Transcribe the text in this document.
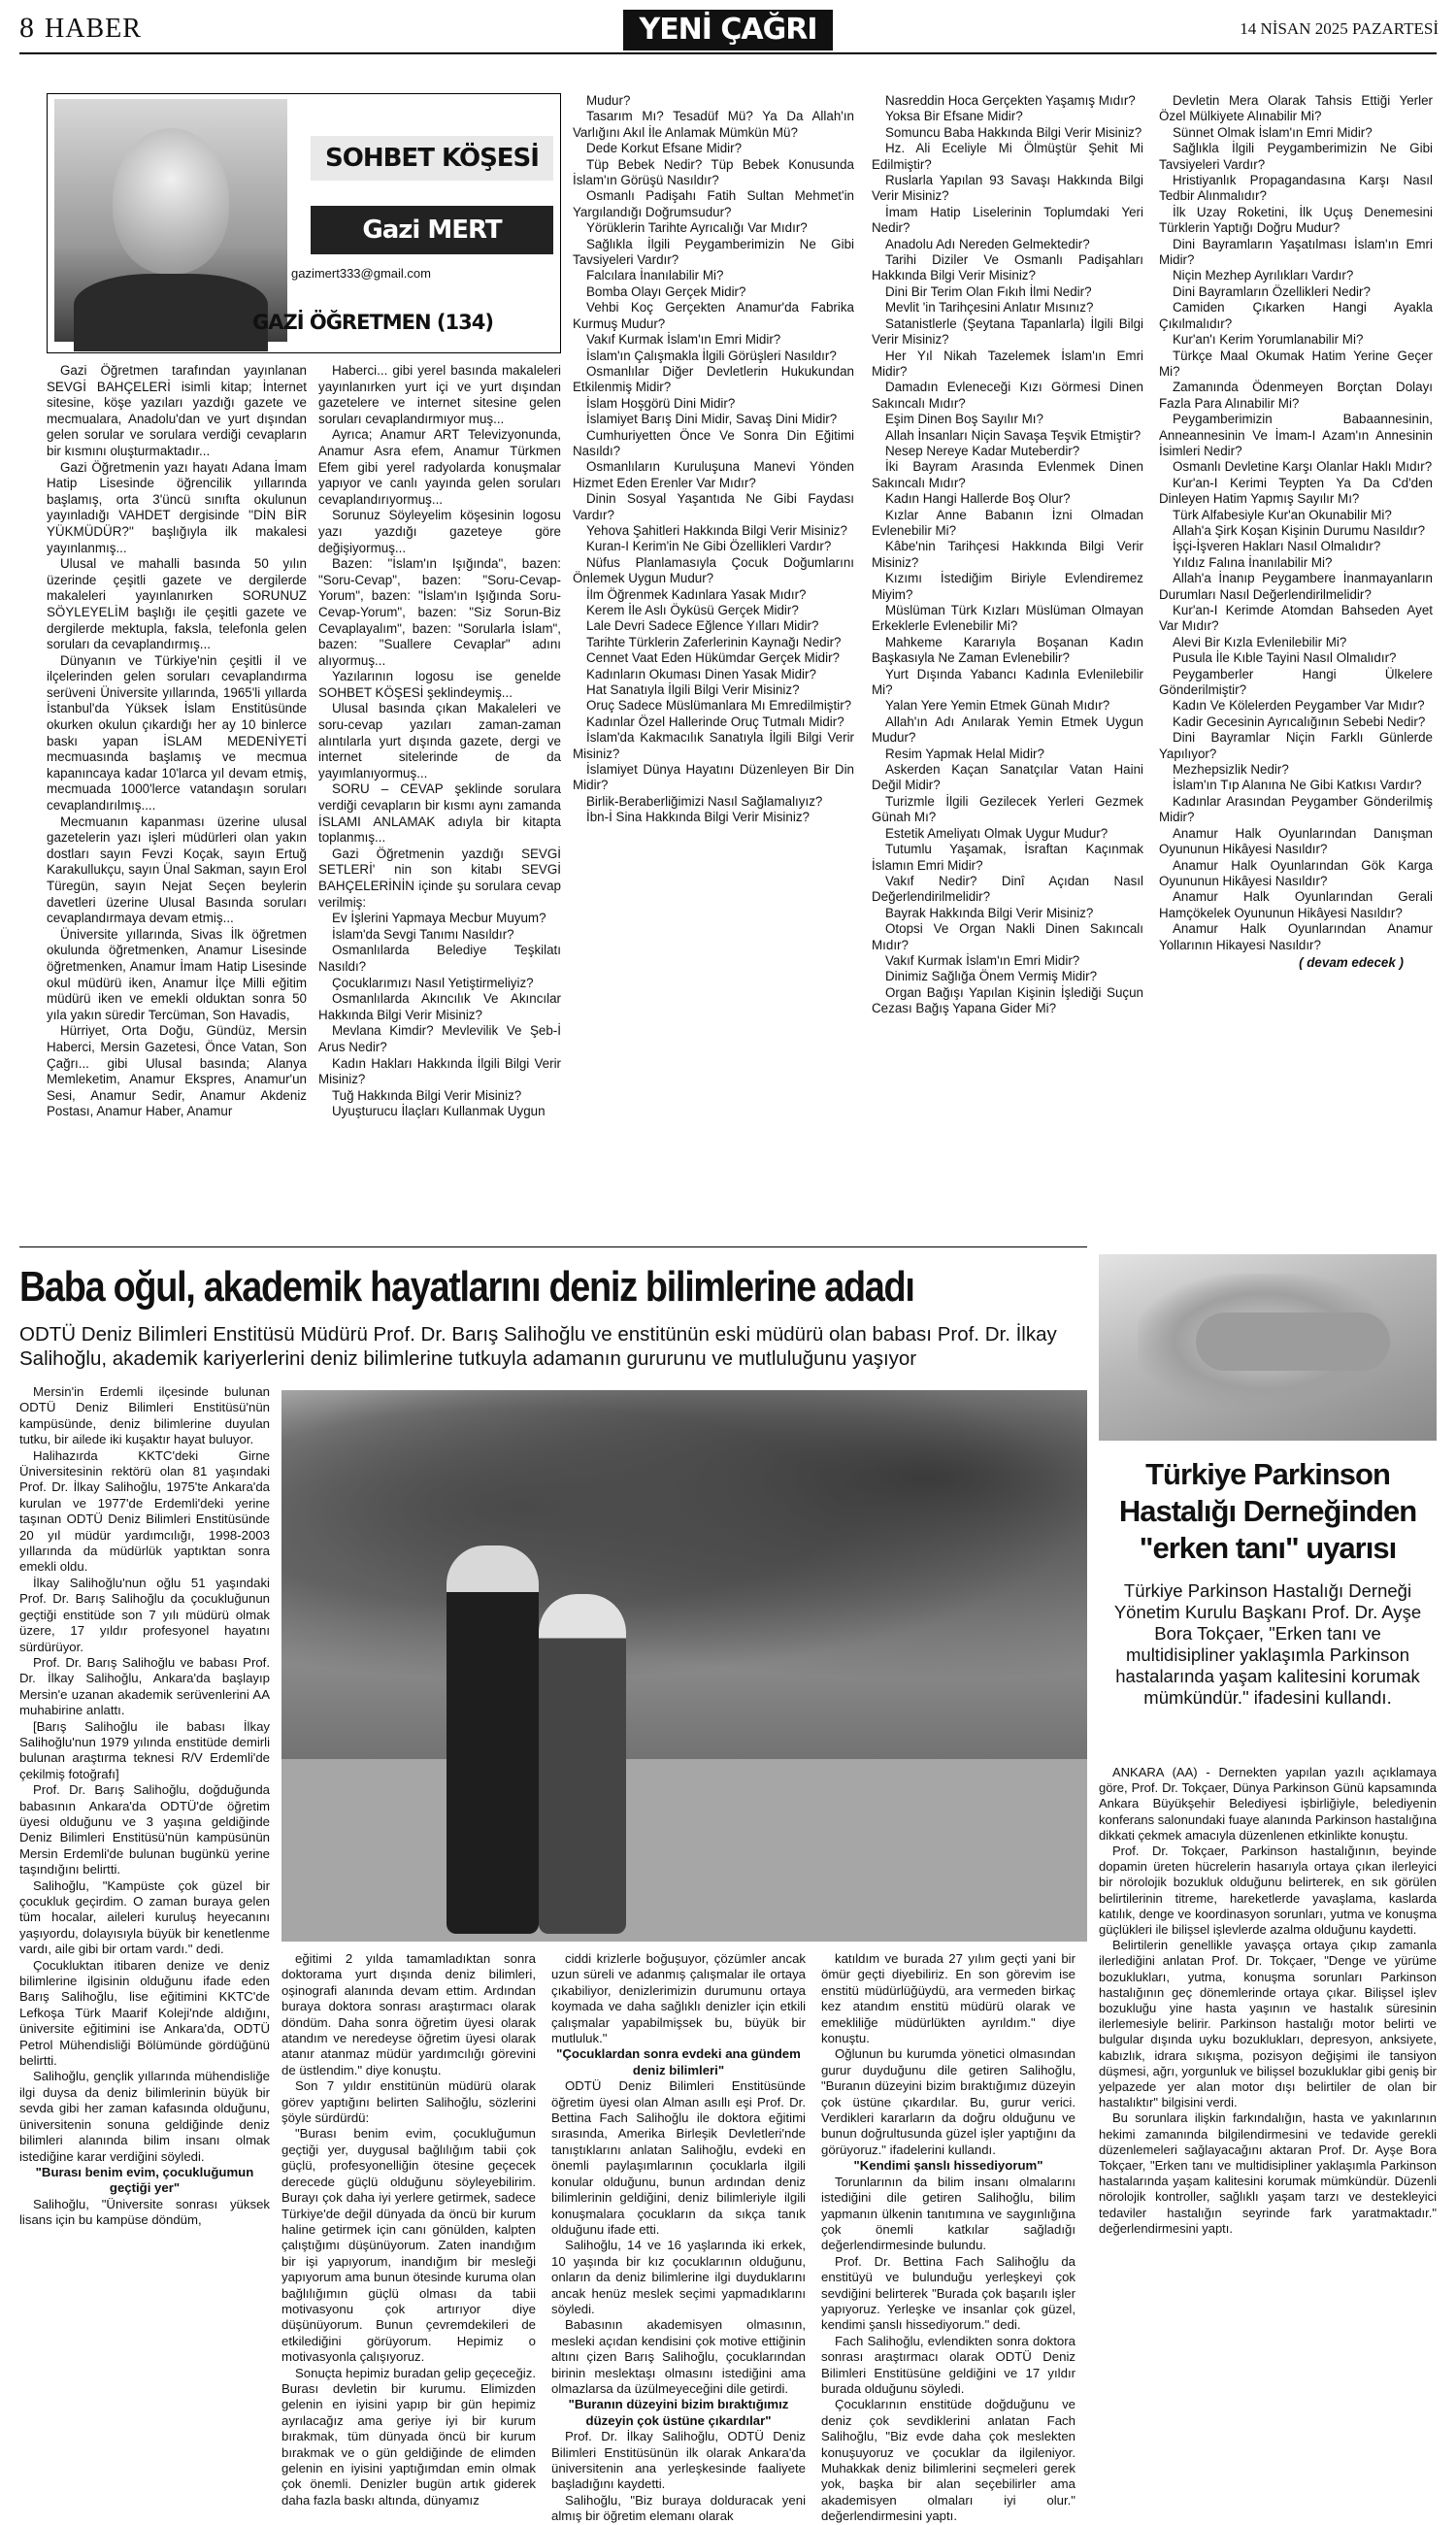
8 HABER	YENİ ÇAĞRI	14 NİSAN 2025 PAZARTESİ
SOHBET KÖŞESİ
Gazi MERT
gazimert333@gmail.com
GAZİ ÖĞRETMEN (134)

Gazi Öğretmen tarafından yayınlanan SEVGİ BAHÇELERİ isimli kitap; İnternet sitesine, köşe yazıları yazdığı gazete ve mecmualara, Anadolu'dan ve yurt dışından gelen sorular ve sorulara verdiği cevapların bir kısmını oluşturmaktadır...

Gazi Öğretmenin yazı hayatı Adana İmam Hatip Lisesinde öğrencilik yıllarında başlamış, orta 3'üncü sınıfta okulunun yayınladığı VAHDET dergisinde ''DİN BİR YÜKMÜDÜR?'' başlığıyla ilk makalesi yayınlanmış...

Ulusal ve mahalli basında 50 yılın üzerinde çeşitli gazete ve dergilerde makaleleri yayınlanırken SORUNUZ SÖYLEYELİM başlığı ile çeşitli gazete ve dergilerde mektupla, faksla, telefonla gelen soruları da cevaplandırmış...

Dünyanın ve Türkiye'nin çeşitli il ve ilçelerinden gelen soruları cevaplandırma serüveni Üniversite yıllarında, 1965'li yıllarda İstanbul'da Yüksek İslam Enstitüsünde okurken okulun çıkardığı her ay 10 binlerce baskı yapan İSLAM MEDENİYETİ mecmuasında başlamış ve mecmua kapanıncaya kadar 10'larca yıl devam etmiş, mecmuada 1000'lerce vatandaşın soruları cevaplandırılmış....

Mecmuanın kapanması üzerine ulusal gazetelerin yazı işleri müdürleri olan yakın dostları sayın Fevzi Koçak, sayın Ertuğ Karakullukçu, sayın Ünal Sakman, sayın Erol Türegün, sayın Nejat Seçen beylerin davetleri üzerine Ulusal Basında soruları cevaplandırmaya devam etmiş...

Üniversite yıllarında, Sivas İlk öğretmen okulunda öğretmenken, Anamur Lisesinde öğretmenken, Anamur İmam Hatip Lisesinde okul müdürü iken, Anamur İlçe Milli eğitim müdürü iken ve emekli olduktan sonra 50 yıla yakın süredir Tercüman, Son Havadis,

Hürriyet, Orta Doğu, Gündüz, Mersin Haberci, Mersin Gazetesi, Önce Vatan, Son Çağrı... gibi Ulusal basında; Alanya Memleketim, Anamur Ekspres, Anamur'un Sesi, Anamur Sedir, Anamur Akdeniz Postası, Anamur Haber, Anamur

Haberci... gibi yerel basında makaleleri yayınlanırken yurt içi ve yurt dışından gazetelere ve internet sitesine gelen soruları cevaplandırmıyor muş...

Ayrıca; Anamur ART Televizyonunda, Anamur Asra efem, Anamur Türkmen Efem gibi yerel radyolarda konuşmalar yapıyor ve canlı yayında gelen soruları cevaplandırıyormuş...

Sorunuz Söyleyelim köşesinin logosu yazı yazdığı gazeteye göre değişiyormuş...

Bazen: "İslam'ın Işığında", bazen: "Soru-Cevap", bazen: "Soru-Cevap-Yorum", bazen: "İslam'ın Işığında Soru-Cevap-Yorum", bazen: "Siz Sorun-Biz Cevaplayalım", bazen: "Sorularla İslam", bazen: "Suallere Cevaplar" adını alıyormuş...

Yazılarının logosu ise genelde SOHBET KÖŞESİ şeklindeymiş...

Ulusal basında çıkan Makaleleri ve soru-cevap yazıları zaman-zaman alıntılarla yurt dışında gazete, dergi ve internet sitelerinde de da yayımlanıyormuş...

SORU – CEVAP şeklinde sorulara verdiği cevapların bir kısmı aynı zamanda İSLAMI ANLAMAK adıyla bir kitapta toplanmış...

Gazi Öğretmenin yazdığı SEVGİ SETLERİ' nin son kitabı SEVGİ BAHÇELERİNİN içinde şu sorulara cevap verilmiş:

Ev İşlerini Yapmaya Mecbur Muyum?

İslam'da Sevgi Tanımı Nasıldır?

Osmanlılarda Belediye Teşkilatı Nasıldı?

Çocuklarımızı Nasıl Yetiştirmeliyiz?

Osmanlılarda Akıncılık Ve Akıncılar Hakkında Bilgi Verir Misiniz?

Mevlana Kimdir? Mevlevilik Ve Şeb-İ Arus Nedir?

Kadın Hakları Hakkında İlgili Bilgi Verir Misiniz?

Tuğ Hakkında Bilgi Verir Misiniz?

Uyuşturucu İlaçları Kullanmak Uygun

Mudur?

Tasarım Mı? Tesadüf Mü? Ya Da Allah'ın Varlığını Akıl İle Anlamak Mümkün Mü?

Dede Korkut Efsane Midir?

Tüp Bebek Nedir? Tüp Bebek Konusunda İslam'ın Görüşü Nasıldır?

Osmanlı Padişahı Fatih Sultan Mehmet'in Yargılandığı Doğrumsudur?

Yörüklerin Tarihte Ayrıcalığı Var Mıdır?

Sağlıkla İlgili Peygamberimizin Ne Gibi Tavsiyeleri Vardır?

Falcılara İnanılabilir Mi?

Bomba Olayı Gerçek Midir?

Vehbi Koç Gerçekten Anamur'da Fabrika Kurmuş Mudur?

Vakıf Kurmak İslam'ın Emri Midir?

İslam'ın Çalışmakla İlgili Görüşleri Nasıldır?

Osmanlılar Diğer Devletlerin Hukukundan Etkilenmiş Midir?

İslam Hoşgörü Dini Midir?

İslamiyet Barış Dini Midir, Savaş Dini Midir?

Cumhuriyetten Önce Ve Sonra Din Eğitimi Nasıldı?

Osmanlıların Kuruluşuna Manevi Yönden Hizmet Eden Erenler Var Mıdır?

Dinin Sosyal Yaşantıda Ne Gibi Faydası Vardır?

Yehova Şahitleri Hakkında Bilgi Verir Misiniz?

Kuran-I Kerim'in Ne Gibi Özellikleri Vardır?

Nüfus Planlamasıyla Çocuk Doğumlarını Önlemek Uygun Mudur?

İlm Öğrenmek Kadınlara Yasak Mıdır?

Kerem İle Aslı Öyküsü Gerçek Midir?

Lale Devri Sadece Eğlence Yılları Midir?

Tarihte Türklerin Zaferlerinin Kaynağı Nedir?

Cennet Vaat Eden Hükümdar Gerçek Midir?

Kadınların Okuması Dinen Yasak Midir?

Hat Sanatıyla İlgili Bilgi Verir Misiniz?

Oruç Sadece Müslümanlara Mı Emredilmiştir?

Kadınlar Özel Hallerinde Oruç Tutmalı Midir?

İslam'da Kakmacılık Sanatıyla İlgili Bilgi Verir Misiniz?

İslamiyet Dünya Hayatını Düzenleyen Bir Din Midir?

Birlik-Beraberliğimizi Nasıl Sağlamalıyız?

İbn-İ Sina Hakkında Bilgi Verir Misiniz?

Nasreddin Hoca Gerçekten Yaşamış Mıdır?

Yoksa Bir Efsane Midir?

Somuncu Baba Hakkında Bilgi Verir Misiniz?

Hz. Ali Eceliyle Mi Ölmüştür Şehit Mi Edilmiştir?

Ruslarla Yapılan 93 Savaşı Hakkında Bilgi Verir Misiniz?

İmam Hatip Liselerinin Toplumdaki Yeri Nedir?

Anadolu Adı Nereden Gelmektedir?

Tarihi Diziler Ve Osmanlı Padişahları Hakkında Bilgi Verir Misiniz?

Dini Bir Terim Olan Fıkıh İlmi Nedir?

Mevlit 'in Tarihçesini Anlatır Mısınız?

Satanistlerle (Şeytana Tapanlarla) İlgili Bilgi Verir Misiniz?

Her Yıl Nikah Tazelemek İslam'ın Emri Midir?

Damadın Evleneceği Kızı Görmesi Dinen Sakıncalı Mıdır?

Eşim Dinen Boş Sayılır Mı?

Allah İnsanları Niçin Savaşa Teşvik Etmiştir?

Nesep Nereye Kadar Muteberdir?

İki Bayram Arasında Evlenmek Dinen Sakıncalı Mıdır?

Kadın Hangi Hallerde Boş Olur?

Kızlar Anne Babanın İzni Olmadan Evlenebilir Mi?

Kâbe'nin Tarihçesi Hakkında Bilgi Verir Misiniz?

Kızımı İstediğim Biriyle Evlendiremez Miyim?

Müslüman Türk Kızları Müslüman Olmayan Erkeklerle Evlenebilir Mi?

Mahkeme Kararıyla Boşanan Kadın Başkasıyla Ne Zaman Evlenebilir?

Yurt Dışında Yabancı Kadınla Evlenilebilir Mi?

Yalan Yere Yemin Etmek Günah Mıdır?

Allah'ın Adı Anılarak Yemin Etmek Uygun Mudur?

Resim Yapmak Helal Midir?

Askerden Kaçan Sanatçılar Vatan Haini Değil Midir?

Turizmle İlgili Gezilecek Yerleri Gezmek Günah Mı?

Estetik Ameliyatı Olmak Uygur Mudur?

Tutumlu Yaşamak, İsraftan Kaçınmak İslamın Emri Midir?

Vakıf Nedir? Dinî Açıdan Nasıl Değerlendirilmelidir?

Bayrak Hakkında Bilgi Verir Misiniz?

Otopsi Ve Organ Nakli Dinen Sakıncalı Mıdır?

Vakıf Kurmak İslam'ın Emri Midir?

Dinimiz Sağlığa Önem Vermiş Midir?

Organ Bağışı Yapılan Kişinin İşlediği Suçun Cezası Bağış Yapana Gider Mi?

Devletin Mera Olarak Tahsis Ettiği Yerler Özel Mülkiyete Alınabilir Mi?

Sünnet Olmak İslam'ın Emri Midir?

Sağlıkla İlgili Peygamberimizin Ne Gibi Tavsiyeleri Vardır?

Hristiyanlık Propagandasına Karşı Nasıl Tedbir Alınmalıdır?

İlk Uzay Roketini, İlk Uçuş Denemesini Türklerin Yaptığı Doğru Mudur?

Dini Bayramların Yaşatılması İslam'ın Emri Midir?

Niçin Mezhep Ayrılıkları Vardır?

Dini Bayramların Özellikleri Nedir?

Camiden Çıkarken Hangi Ayakla Çıkılmalıdır?

Kur'an'ı Kerim Yorumlanabilir Mi?

Türkçe Maal Okumak Hatim Yerine Geçer Mi?

Zamanında Ödenmeyen Borçtan Dolayı Fazla Para Alınabilir Mi?

Peygamberimizin Babaannesinin, Anneannesinin Ve İmam-I Azam'ın Annesinin İsimleri Nedir?

Osmanlı Devletine Karşı Olanlar Haklı Mıdır?

Kur'an-I Kerimi Teypten Ya Da Cd'den Dinleyen Hatim Yapmış Sayılır Mı?

Türk Alfabesiyle Kur'an Okunabilir Mi?

Allah'a Şirk Koşan Kişinin Durumu Nasıldır?

İşçi-İşveren Hakları Nasıl Olmalıdır?

Yıldız Falına İnanılabilir Mi?

Allah'a İnanıp Peygambere İnanmayanların Durumları Nasıl Değerlendirilmelidir?

Kur'an-I Kerimde Atomdan Bahseden Ayet Var Mıdır?

Alevi Bir Kızla Evlenilebilir Mi?

Pusula İle Kıble Tayini Nasıl Olmalıdır?

Peygamberler Hangi Ülkelere Gönderilmiştir?

Kadın Ve Kölelerden Peygamber Var Mıdır?

Kadir Gecesinin Ayrıcalığının Sebebi Nedir?

Dini Bayramlar Niçin Farklı Günlerde Yapılıyor?

Mezhepsizlik Nedir?

İslam'ın Tıp Alanına Ne Gibi Katkısı Vardır?

Kadınlar Arasından Peygamber Gönderilmiş Midir?

Anamur Halk Oyunlarından Danışman Oyununun Hikâyesi Nasıldır?

Anamur Halk Oyunlarından Gök Karga Oyununun Hikâyesi Nasıldır?

Anamur Halk Oyunlarından Gerali Hamçökelek Oyununun Hikâyesi Nasıldır?

Anamur Halk Oyunlarından Anamur Yollarının Hikayesi Nasıldır?

( devam edecek )
Baba oğul, akademik hayatlarını deniz bilimlerine adadı
ODTÜ Deniz Bilimleri Enstitüsü Müdürü Prof. Dr. Barış Salihoğlu ve enstitünün eski müdürü olan babası Prof. Dr. İlkay Salihoğlu, akademik kariyerlerini deniz bilimlerine tutkuyla adamanın gururunu ve mutluluğunu yaşıyor

Mersin'in Erdemli ilçesinde bulunan ODTÜ Deniz Bilimleri Enstitüsü'nün kampüsünde, deniz bilimlerine duyulan tutku, bir ailede iki kuşaktır hayat buluyor.

Halihazırda KKTC'deki Girne Üniversitesinin rektörü olan 81 yaşındaki Prof. Dr. İlkay Salihoğlu, 1975'te Ankara'da kurulan ve 1977'de Erdemli'deki yerine taşınan ODTÜ Deniz Bilimleri Enstitüsünde 20 yıl müdür yardımcılığı, 1998-2003 yıllarında da müdürlük yaptıktan sonra emekli oldu.

İlkay Salihoğlu'nun oğlu 51 yaşındaki Prof. Dr. Barış Salihoğlu da çocukluğunun geçtiği enstitüde son 7 yılı müdürü olmak üzere, 17 yıldır profesyonel hayatını sürdürüyor.

Prof. Dr. Barış Salihoğlu ve babası Prof. Dr. İlkay Salihoğlu, Ankara'da başlayıp Mersin'e uzanan akademik serüvenlerini AA muhabirine anlattı.

[Barış Salihoğlu ile babası İlkay Salihoğlu'nun 1979 yılında enstitüde demirli bulunan araştırma teknesi R/V Erdemli'de çekilmiş fotoğrafı]

Prof. Dr. Barış Salihoğlu, doğduğunda babasının Ankara'da ODTÜ'de öğretim üyesi olduğunu ve 3 yaşına geldiğinde Deniz Bilimleri Enstitüsü'nün kampüsünün Mersin Erdemli'de bulunan bugünkü yerine taşındığını belirtti.

Salihoğlu, "Kampüste çok güzel bir çocukluk geçirdim. O zaman buraya gelen tüm hocalar, aileleri kuruluş heyecanını yaşıyordu, dolayısıyla büyük bir kenetlenme vardı, aile gibi bir ortam vardı." dedi.

Çocukluktan itibaren denize ve deniz bilimlerine ilgisinin olduğunu ifade eden Barış Salihoğlu, lise eğitimini KKTC'de Lefkoşa Türk Maarif Koleji'nde aldığını, üniversite eğitimini ise Ankara'da, ODTÜ Petrol Mühendisliği Bölümünde gördüğünü belirtti.

Salihoğlu, gençlik yıllarında mühendisliğe ilgi duysa da deniz bilimlerinin büyük bir sevda gibi her zaman kafasında olduğunu, üniversitenin sonuna geldiğinde deniz bilimleri alanında bilim insanı olmak istediğine karar verdiğini söyledi.

"Burası benim evim, çocukluğumun geçtiği yer"

Salihoğlu, "Üniversite sonrası yüksek lisans için bu kampüse döndüm,

eğitimi 2 yılda tamamladıktan sonra doktorama yurt dışında deniz bilimleri, oşinografi alanında devam ettim. Ardından buraya doktora sonrası araştırmacı olarak döndüm. Daha sonra öğretim üyesi olarak atandım ve neredeyse öğretim üyesi olarak atanır atanmaz müdür yardımcılığı görevini de üstlendim." diye konuştu.

Son 7 yıldır enstitünün müdürü olarak görev yaptığını belirten Salihoğlu, sözlerini şöyle sürdürdü:

"Burası benim evim, çocukluğumun geçtiği yer, duygusal bağlılığım tabii çok güçlü, profesyonelliğin ötesine geçecek derecede güçlü olduğunu söyleyebilirim. Burayı çok daha iyi yerlere getirmek, sadece Türkiye'de değil dünyada da öncü bir kurum haline getirmek için canı gönülden, kalpten çalıştığımı düşünüyorum. Zaten inandığım bir işi yapıyorum, inandığım bir mesleği yapıyorum ama bunun ötesinde kuruma olan bağlılığımın güçlü olması da tabii motivasyonu çok artırıyor diye düşünüyorum. Bunun çevremdekileri de etkilediğini görüyorum. Hepimiz o motivasyonla çalışıyoruz.

Sonuçta hepimiz buradan gelip geçeceğiz. Burası devletin bir kurumu. Elimizden gelenin en iyisini yapıp bir gün hepimiz ayrılacağız ama geriye iyi bir kurum bırakmak, tüm dünyada öncü bir kurum bırakmak ve o gün geldiğinde de elimden gelenin en iyisini yaptığımdan emin olmak çok önemli. Denizler bugün artık giderek daha fazla baskı altında, dünyamız

ciddi krizlerle boğuşuyor, çözümler ancak uzun süreli ve adanmış çalışmalar ile ortaya çıkabiliyor, denizlerimizin durumunu ortaya koymada ve daha sağlıklı denizler için etkili çalışmalar yapabilmişsek bu, büyük bir mutluluk."

"Çocuklardan sonra evdeki ana gündem deniz bilimleri"

ODTÜ Deniz Bilimleri Enstitüsünde öğretim üyesi olan Alman asıllı eşi Prof. Dr. Bettina Fach Salihoğlu ile doktora eğitimi sırasında, Amerika Birleşik Devletleri'nde tanıştıklarını anlatan Salihoğlu, evdeki en önemli paylaşımlarının çocuklarla ilgili konular olduğunu, bunun ardından deniz bilimlerinin geldiğini, deniz bilimleriyle ilgili konuşmalara çocukların da sıkça tanık olduğunu ifade etti.

Salihoğlu, 14 ve 16 yaşlarında iki erkek, 10 yaşında bir kız çocuklarının olduğunu, onların da deniz bilimlerine ilgi duyduklarını ancak henüz meslek seçimi yapmadıklarını söyledi.

Babasının akademisyen olmasının, mesleki açıdan kendisini çok motive ettiğinin altını çizen Barış Salihoğlu, çocuklarından birinin meslektaşı olmasını istediğini ama olmazlarsa da üzülmeyeceğini dile getirdi.

"Buranın düzeyini bizim bıraktığımız düzeyin çok üstüne çıkardılar"

Prof. Dr. İlkay Salihoğlu, ODTÜ Deniz Bilimleri Enstitüsünün ilk olarak Ankara'da üniversitenin ana yerleşkesinde faaliyete başladığını kaydetti.

Salihoğlu, "Biz buraya dolduracak yeni almış bir öğretim elemanı olarak

katıldım ve burada 27 yılım geçti yani bir ömür geçti diyebiliriz. En son görevim ise enstitü müdürlüğüydü, ara vermeden birkaç kez atandım enstitü müdürü olarak ve emekliliğe müdürlükten ayrıldım." diye konuştu.

Oğlunun bu kurumda yönetici olmasından gurur duyduğunu dile getiren Salihoğlu, "Buranın düzeyini bizim bıraktığımız düzeyin çok üstüne çıkardılar. Bu, gurur verici. Verdikleri kararların da doğru olduğunu ve bunun doğrultusunda güzel işler yaptığını da görüyoruz." ifadelerini kullandı.

"Kendimi şanslı hissediyorum"

Torunlarının da bilim insanı olmalarını istediğini dile getiren Salihoğlu, bilim yapmanın ülkenin tanıtımına ve saygınlığına çok önemli katkılar sağladığı değerlendirmesinde bulundu.

Prof. Dr. Bettina Fach Salihoğlu da enstitüyü ve bulunduğu yerleşkeyi çok sevdiğini belirterek "Burada çok başarılı işler yapıyoruz. Yerleşke ve insanlar çok güzel, kendimi şanslı hissediyorum." dedi.

Fach Salihoğlu, evlendikten sonra doktora sonrası araştırmacı olarak ODTÜ Deniz Bilimleri Enstitüsüne geldiğini ve 17 yıldır burada olduğunu söyledi.

Çocuklarının enstitüde doğduğunu ve deniz çok sevdiklerini anlatan Fach Salihoğlu, "Biz evde daha çok meslekten konuşuyoruz ve çocuklar da ilgileniyor. Muhakkak deniz bilimlerini seçmeleri gerek yok, başka bir alan seçebilirler ama akademisyen olmaları iyi olur." değerlendirmesini yaptı.

Türkiye Parkinson Hastalığı Derneğinden "erken tanı" uyarısı
Türkiye Parkinson Hastalığı Derneği Yönetim Kurulu Başkanı Prof. Dr. Ayşe Bora Tokçaer, "Erken tanı ve multidisipliner yaklaşımla Parkinson hastalarında yaşam kalitesini korumak mümkündür." ifadesini kullandı.

ANKARA (AA) - Dernekten yapılan yazılı açıklamaya göre, Prof. Dr. Tokçaer, Dünya Parkinson Günü kapsamında Ankara Büyükşehir Belediyesi işbirliğiyle, belediyenin konferans salonundaki fuaye alanında Parkinson hastalığına dikkati çekmek amacıyla düzenlenen etkinlikte konuştu.

Prof. Dr. Tokçaer, Parkinson hastalığının, beyinde dopamin üreten hücrelerin hasarıyla ortaya çıkan ilerleyici bir nörolojik bozukluk olduğunu belirterek, en sık görülen belirtilerinin titreme, hareketlerde yavaşlama, kaslarda katılık, denge ve koordinasyon sorunları, yutma ve konuşma güçlükleri ile bilişsel işlevlerde azalma olduğunu kaydetti.

Belirtilerin genellikle yavaşça ortaya çıkıp zamanla ilerlediğini anlatan Prof. Dr. Tokçaer, "Denge ve yürüme bozuklukları, yutma, konuşma sorunları Parkinson hastalığının geç dönemlerinde ortaya çıkar. Bilişsel işlev bozukluğu yine hasta yaşının ve hastalık süresinin ilerlemesiyle belirir. Parkinson hastalığı motor belirti ve bulgular dışında uyku bozuklukları, depresyon, anksiyete, kabızlık, idrara sıkışma, pozisyon değişimi ile tansiyon düşmesi, ağrı, yorgunluk ve bilişsel bozukluklar gibi geniş bir yelpazede yer alan motor dışı belirtiler de olan bir hastalıktır" bilgisini verdi.

Bu sorunlara ilişkin farkındalığın, hasta ve yakınlarının hekimi zamanında bilgilendirmesini ve tedavide gerekli düzenlemeleri sağlayacağını aktaran Prof. Dr. Ayşe Bora Tokçaer, "Erken tanı ve multidisipliner yaklaşımla Parkinson hastalarında yaşam kalitesini korumak mümkündür. Düzenli nörolojik kontroller, sağlıklı yaşam tarzı ve destekleyici tedaviler hastalığın seyrinde fark yaratmaktadır." değerlendirmesini yaptı.
